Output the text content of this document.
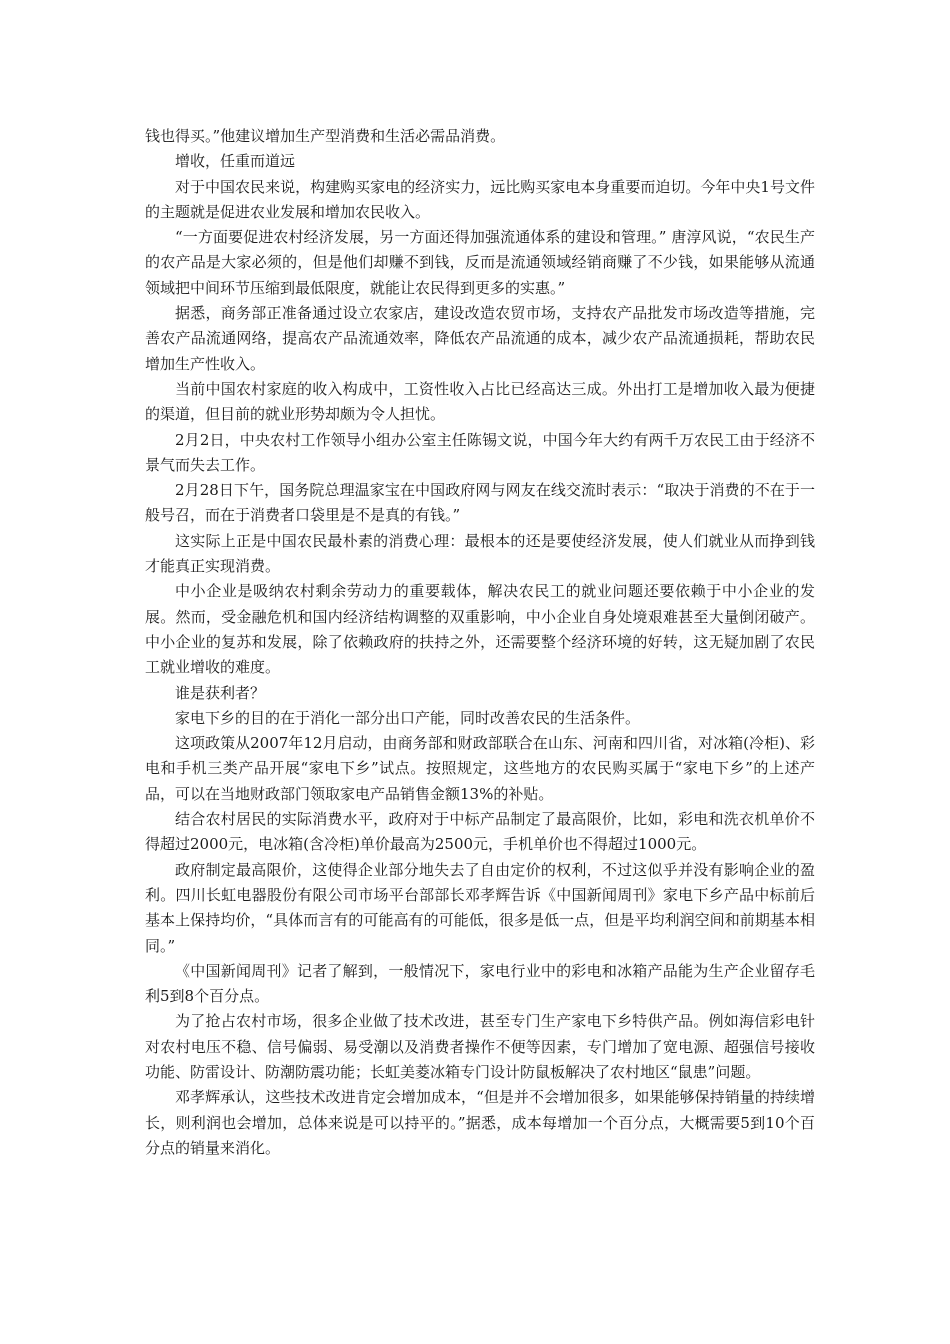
钱也得买。”他建议增加生产型消费和生活必需品消费。

增收，任重而道远

对于中国农民来说，构建购买家电的经济实力，远比购买家电本身重要而迫切。今年中央1号文件的主题就是促进农业发展和增加农民收入。

“一方面要促进农村经济发展，另一方面还得加强流通体系的建设和管理。” 唐淳风说，“农民生产的农产品是大家必须的，但是他们却赚不到钱，反而是流通领域经销商赚了不少钱，如果能够从流通领域把中间环节压缩到最低限度，就能让农民得到更多的实惠。”

据悉，商务部正准备通过设立农家店，建设改造农贸市场，支持农产品批发市场改造等措施，完善农产品流通网络，提高农产品流通效率，降低农产品流通的成本，减少农产品流通损耗，帮助农民增加生产性收入。

当前中国农村家庭的收入构成中，工资性收入占比已经高达三成。外出打工是增加收入最为便捷的渠道，但目前的就业形势却颇为令人担忧。

2月2日，中央农村工作领导小组办公室主任陈锡文说，中国今年大约有两千万农民工由于经济不景气而失去工作。

2月28日下午，国务院总理温家宝在中国政府网与网友在线交流时表示：“取决于消费的不在于一般号召，而在于消费者口袋里是不是真的有钱。”

这实际上正是中国农民最朴素的消费心理：最根本的还是要使经济发展，使人们就业从而挣到钱才能真正实现消费。

中小企业是吸纳农村剩余劳动力的重要载体，解决农民工的就业问题还要依赖于中小企业的发展。然而，受金融危机和国内经济结构调整的双重影响，中小企业自身处境艰难甚至大量倒闭破产。中小企业的复苏和发展，除了依赖政府的扶持之外，还需要整个经济环境的好转，这无疑加剧了农民工就业增收的难度。

谁是获利者？

家电下乡的目的在于消化一部分出口产能，同时改善农民的生活条件。

这项政策从2007年12月启动，由商务部和财政部联合在山东、河南和四川省，对冰箱(冷柜)、彩电和手机三类产品开展“家电下乡”试点。按照规定，这些地方的农民购买属于“家电下乡”的上述产品，可以在当地财政部门领取家电产品销售金额13%的补贴。

结合农村居民的实际消费水平，政府对于中标产品制定了最高限价，比如，彩电和洗衣机单价不得超过2000元，电冰箱(含冷柜)单价最高为2500元，手机单价也不得超过1000元。

政府制定最高限价，这使得企业部分地失去了自由定价的权利，不过这似乎并没有影响企业的盈利。四川长虹电器股份有限公司市场平台部部长邓孝辉告诉《中国新闻周刊》家电下乡产品中标前后基本上保持均价，“具体而言有的可能高有的可能低，很多是低一点，但是平均利润空间和前期基本相同。”

《中国新闻周刊》记者了解到，一般情况下，家电行业中的彩电和冰箱产品能为生产企业留存毛利5到8个百分点。

为了抢占农村市场，很多企业做了技术改进，甚至专门生产家电下乡特供产品。例如海信彩电针对农村电压不稳、信号偏弱、易受潮以及消费者操作不便等因素，专门增加了宽电源、超强信号接收功能、防雷设计、防潮防震功能；长虹美菱冰箱专门设计防鼠板解决了农村地区“鼠患”问题。

邓孝辉承认，这些技术改进肯定会增加成本，“但是并不会增加很多，如果能够保持销量的持续增长，则利润也会增加，总体来说是可以持平的。”据悉，成本每增加一个百分点，大概需要5到10个百分点的销量来消化。
